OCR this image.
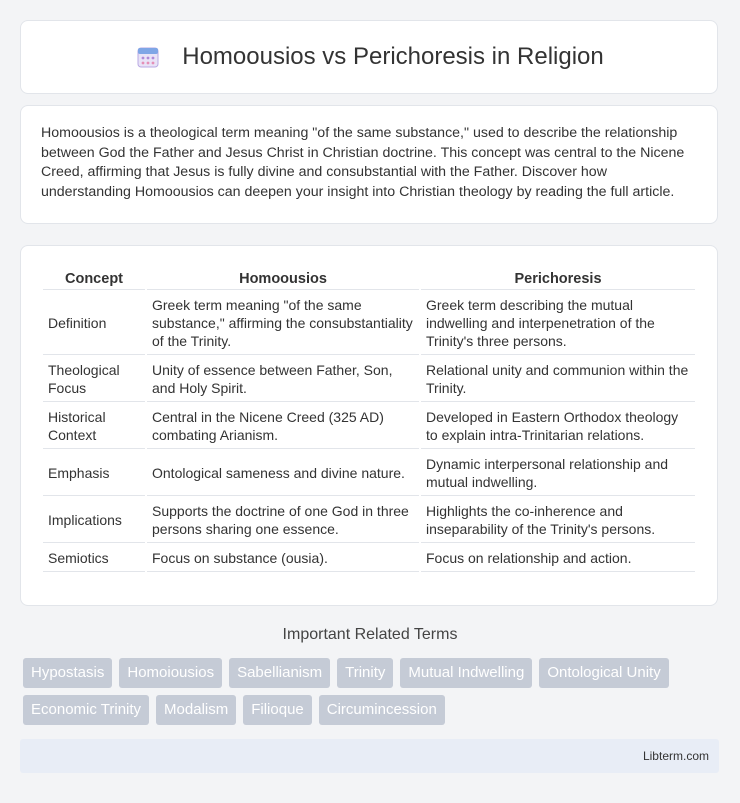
Homoousios vs Perichoresis in Religion

Homoousios is a theological term meaning "of the same substance," used to describe the relationship between God the Father and Jesus Christ in Christian doctrine. This concept was central to the Nicene Creed, affirming that Jesus is fully divine and consubstantial with the Father. Discover how understanding Homoousios can deepen your insight into Christian theology by reading the full article.

Concept	Homoousios	Perichoresis
Definition	Greek term meaning "of the same substance," affirming the consubstantiality of the Trinity.	Greek term describing the mutual indwelling and interpenetration of the Trinity's three persons.
Theological Focus	Unity of essence between Father, Son, and Holy Spirit.	Relational unity and communion within the Trinity.
Historical Context	Central in the Nicene Creed (325 AD) combating Arianism.	Developed in Eastern Orthodox theology to explain intra-Trinitarian relations.
Emphasis	Ontological sameness and divine nature.	Dynamic interpersonal relationship and mutual indwelling.
Implications	Supports the doctrine of one God in three persons sharing one essence.	Highlights the co-inherence and inseparability of the Trinity's persons.
Semiotics	Focus on substance (ousia).	Focus on relationship and action.
Important Related Terms
Hypostasis	Homoiousios	Sabellianism	Trinity	Mutual Indwelling	Ontological Unity
Economic Trinity	Modalism	Filioque	Circumincession
Libterm.com
